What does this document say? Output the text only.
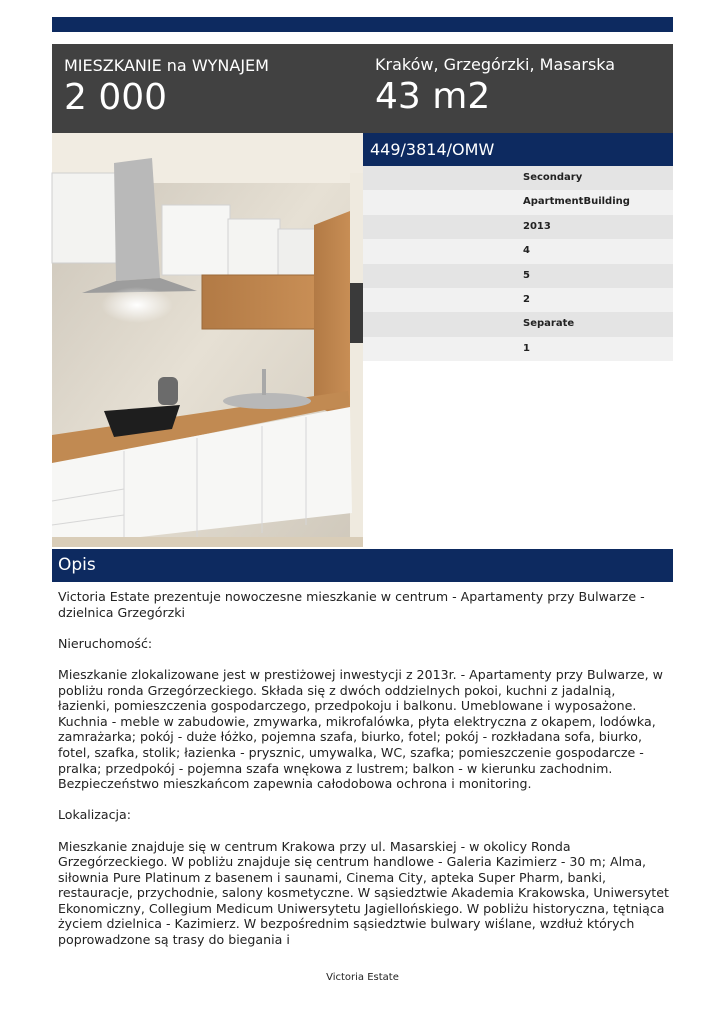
MIESZKANIE na WYNAJEM
2 000
Kraków, Grzegórzki, Masarska
43 m2
449/3814/OMW
Secondary
ApartmentBuilding
2013
4
5
2
Separate
1
Opis

Victoria Estate prezentuje nowoczesne mieszkanie w centrum - Apartamenty przy Bulwarze - dzielnica Grzegórzki

Nieruchomość:

Mieszkanie zlokalizowane jest w prestiżowej inwestycji z 2013r. - Apartamenty przy Bulwarze, w pobliżu ronda Grzegórzeckiego. Składa się z dwóch oddzielnych pokoi, kuchni z jadalnią, łazienki, pomieszczenia gospodarczego, przedpokoju i balkonu. Umeblowane i wyposażone. Kuchnia - meble w zabudowie, zmywarka, mikrofalówka, płyta elektryczna z okapem, lodówka, zamrażarka; pokój - duże łóżko, pojemna szafa, biurko, fotel; pokój - rozkładana sofa, biurko, fotel, szafka, stolik; łazienka - prysznic, umywalka, WC, szafka; pomieszczenie gospodarcze - pralka; przedpokój - pojemna szafa wnękowa z lustrem; balkon - w kierunku zachodnim. Bezpieczeństwo mieszkańcom zapewnia całodobowa ochrona i monitoring.

Lokalizacja:

Mieszkanie znajduje się w centrum Krakowa przy ul. Masarskiej - w okolicy Ronda Grzegórzeckiego. W pobliżu znajduje się centrum handlowe - Galeria Kazimierz - 30 m; Alma, siłownia Pure Platinum z basenem i saunami, Cinema City, apteka Super Pharm, banki, restauracje, przychodnie, salony kosmetyczne. W sąsiedztwie Akademia Krakowska, Uniwersytet Ekonomiczny, Collegium Medicum Uniwersytetu Jagiellońskiego. W pobliżu historyczna, tętniąca życiem dzielnica - Kazimierz. W bezpośrednim sąsiedztwie bulwary wiślane, wzdłuż których poprowadzone są trasy do biegania i

Victoria Estate
